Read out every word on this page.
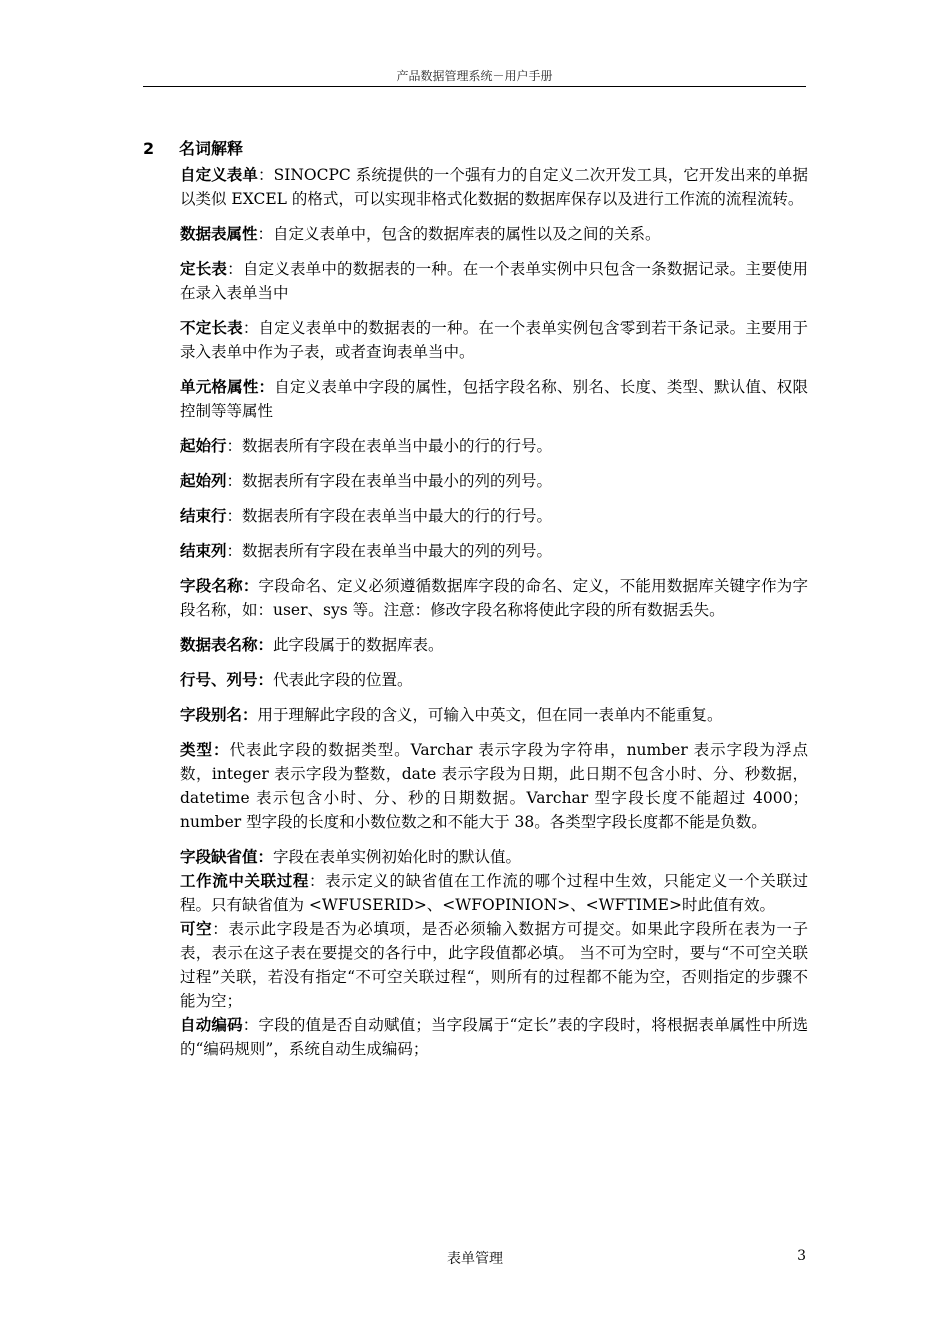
产品数据管理系统－用户手册
2 名词解释

自定义表单：SINOCPC 系统提供的一个强有力的自定义二次开发工具，它开发出来的单据以类似 EXCEL 的格式，可以实现非格式化数据的数据库保存以及进行工作流的流程流转。

数据表属性：自定义表单中，包含的数据库表的属性以及之间的关系。

定长表：自定义表单中的数据表的一种。在一个表单实例中只包含一条数据记录。主要使用在录入表单当中

不定长表：自定义表单中的数据表的一种。在一个表单实例包含零到若干条记录。主要用于录入表单中作为子表，或者查询表单当中。

单元格属性：自定义表单中字段的属性，包括字段名称、别名、长度、类型、默认值、权限控制等等属性

起始行：数据表所有字段在表单当中最小的行的行号。

起始列：数据表所有字段在表单当中最小的列的列号。

结束行：数据表所有字段在表单当中最大的行的行号。

结束列：数据表所有字段在表单当中最大的列的列号。

字段名称：字段命名、定义必须遵循数据库字段的命名、定义，不能用数据库关键字作为字段名称，如：user、sys 等。注意：修改字段名称将使此字段的所有数据丢失。

数据表名称：此字段属于的数据库表。

行号、列号：代表此字段的位置。

字段别名：用于理解此字段的含义，可输入中英文，但在同一表单内不能重复。

类型：代表此字段的数据类型。Varchar 表示字段为字符串，number 表示字段为浮点数，integer 表示字段为整数，date 表示字段为日期，此日期不包含小时、分、秒数据， datetime 表示包含小时、分、秒的日期数据。Varchar 型字段长度不能超过 4000； number 型字段的长度和小数位数之和不能大于 38。各类型字段长度都不能是负数。

字段缺省值：字段在表单实例初始化时的默认值。

工作流中关联过程：表示定义的缺省值在工作流的哪个过程中生效，只能定义一个关联过程。只有缺省值为 <WFUSERID>、<WFOPINION>、<WFTIME>时此值有效。

可空：表示此字段是否为必填项，是否必须输入数据方可提交。如果此字段所在表为一子表，表示在这子表在要提交的各行中，此字段值都必填。 当不可为空时，要与“不可空关联过程”关联，若没有指定“不可空关联过程“，则所有的过程都不能为空，否则指定的步骤不能为空；

自动编码：字段的值是否自动赋值；当字段属于“定长”表的字段时，将根据表单属性中所选的“编码规则”，系统自动生成编码；

表单管理	3
